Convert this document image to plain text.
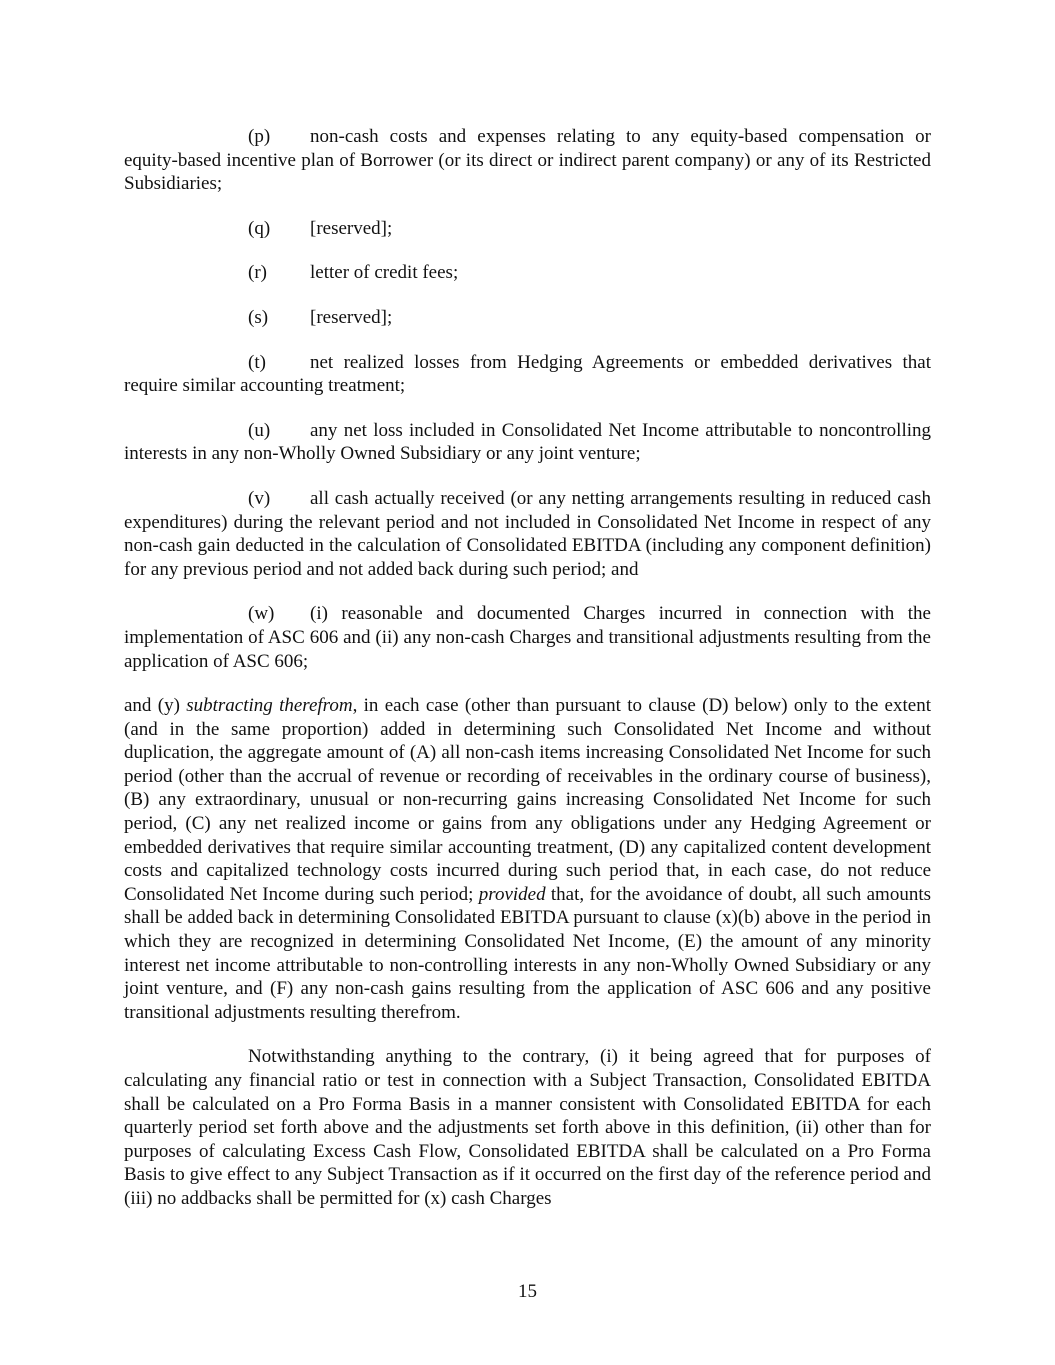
(p) non-cash costs and expenses relating to any equity-based compensation or equity-based incentive plan of Borrower (or its direct or indirect parent company) or any of its Restricted Subsidiaries;

(q) [reserved];

(r) letter of credit fees;

(s) [reserved];

(t) net realized losses from Hedging Agreements or embedded derivatives that require similar accounting treatment;

(u) any net loss included in Consolidated Net Income attributable to noncontrolling interests in any non-Wholly Owned Subsidiary or any joint venture;

(v) all cash actually received (or any netting arrangements resulting in reduced cash expenditures) during the relevant period and not included in Consolidated Net Income in respect of any non-cash gain deducted in the calculation of Consolidated EBITDA (including any component definition) for any previous period and not added back during such period; and

(w) (i) reasonable and documented Charges incurred in connection with the implementation of ASC 606 and (ii) any non-cash Charges and transitional adjustments resulting from the application of ASC 606;

and (y) subtracting therefrom, in each case (other than pursuant to clause (D) below) only to the extent (and in the same proportion) added in determining such Consolidated Net Income and without duplication, the aggregate amount of (A) all non-cash items increasing Consolidated Net Income for such period (other than the accrual of revenue or recording of receivables in the ordinary course of business), (B) any extraordinary, unusual or non-recurring gains increasing Consolidated Net Income for such period, (C) any net realized income or gains from any obligations under any Hedging Agreement or embedded derivatives that require similar accounting treatment, (D) any capitalized content development costs and capitalized technology costs incurred during such period that, in each case, do not reduce Consolidated Net Income during such period; provided that, for the avoidance of doubt, all such amounts shall be added back in determining Consolidated EBITDA pursuant to clause (x)(b) above in the period in which they are recognized in determining Consolidated Net Income, (E) the amount of any minority interest net income attributable to non-controlling interests in any non-Wholly Owned Subsidiary or any joint venture, and (F) any non-cash gains resulting from the application of ASC 606 and any positive transitional adjustments resulting therefrom.

Notwithstanding anything to the contrary, (i) it being agreed that for purposes of calculating any financial ratio or test in connection with a Subject Transaction, Consolidated EBITDA shall be calculated on a Pro Forma Basis in a manner consistent with Consolidated EBITDA for each quarterly period set forth above and the adjustments set forth above in this definition, (ii) other than for purposes of calculating Excess Cash Flow, Consolidated EBITDA shall be calculated on a Pro Forma Basis to give effect to any Subject Transaction as if it occurred on the first day of the reference period and (iii) no addbacks shall be permitted for (x) cash Charges

15
